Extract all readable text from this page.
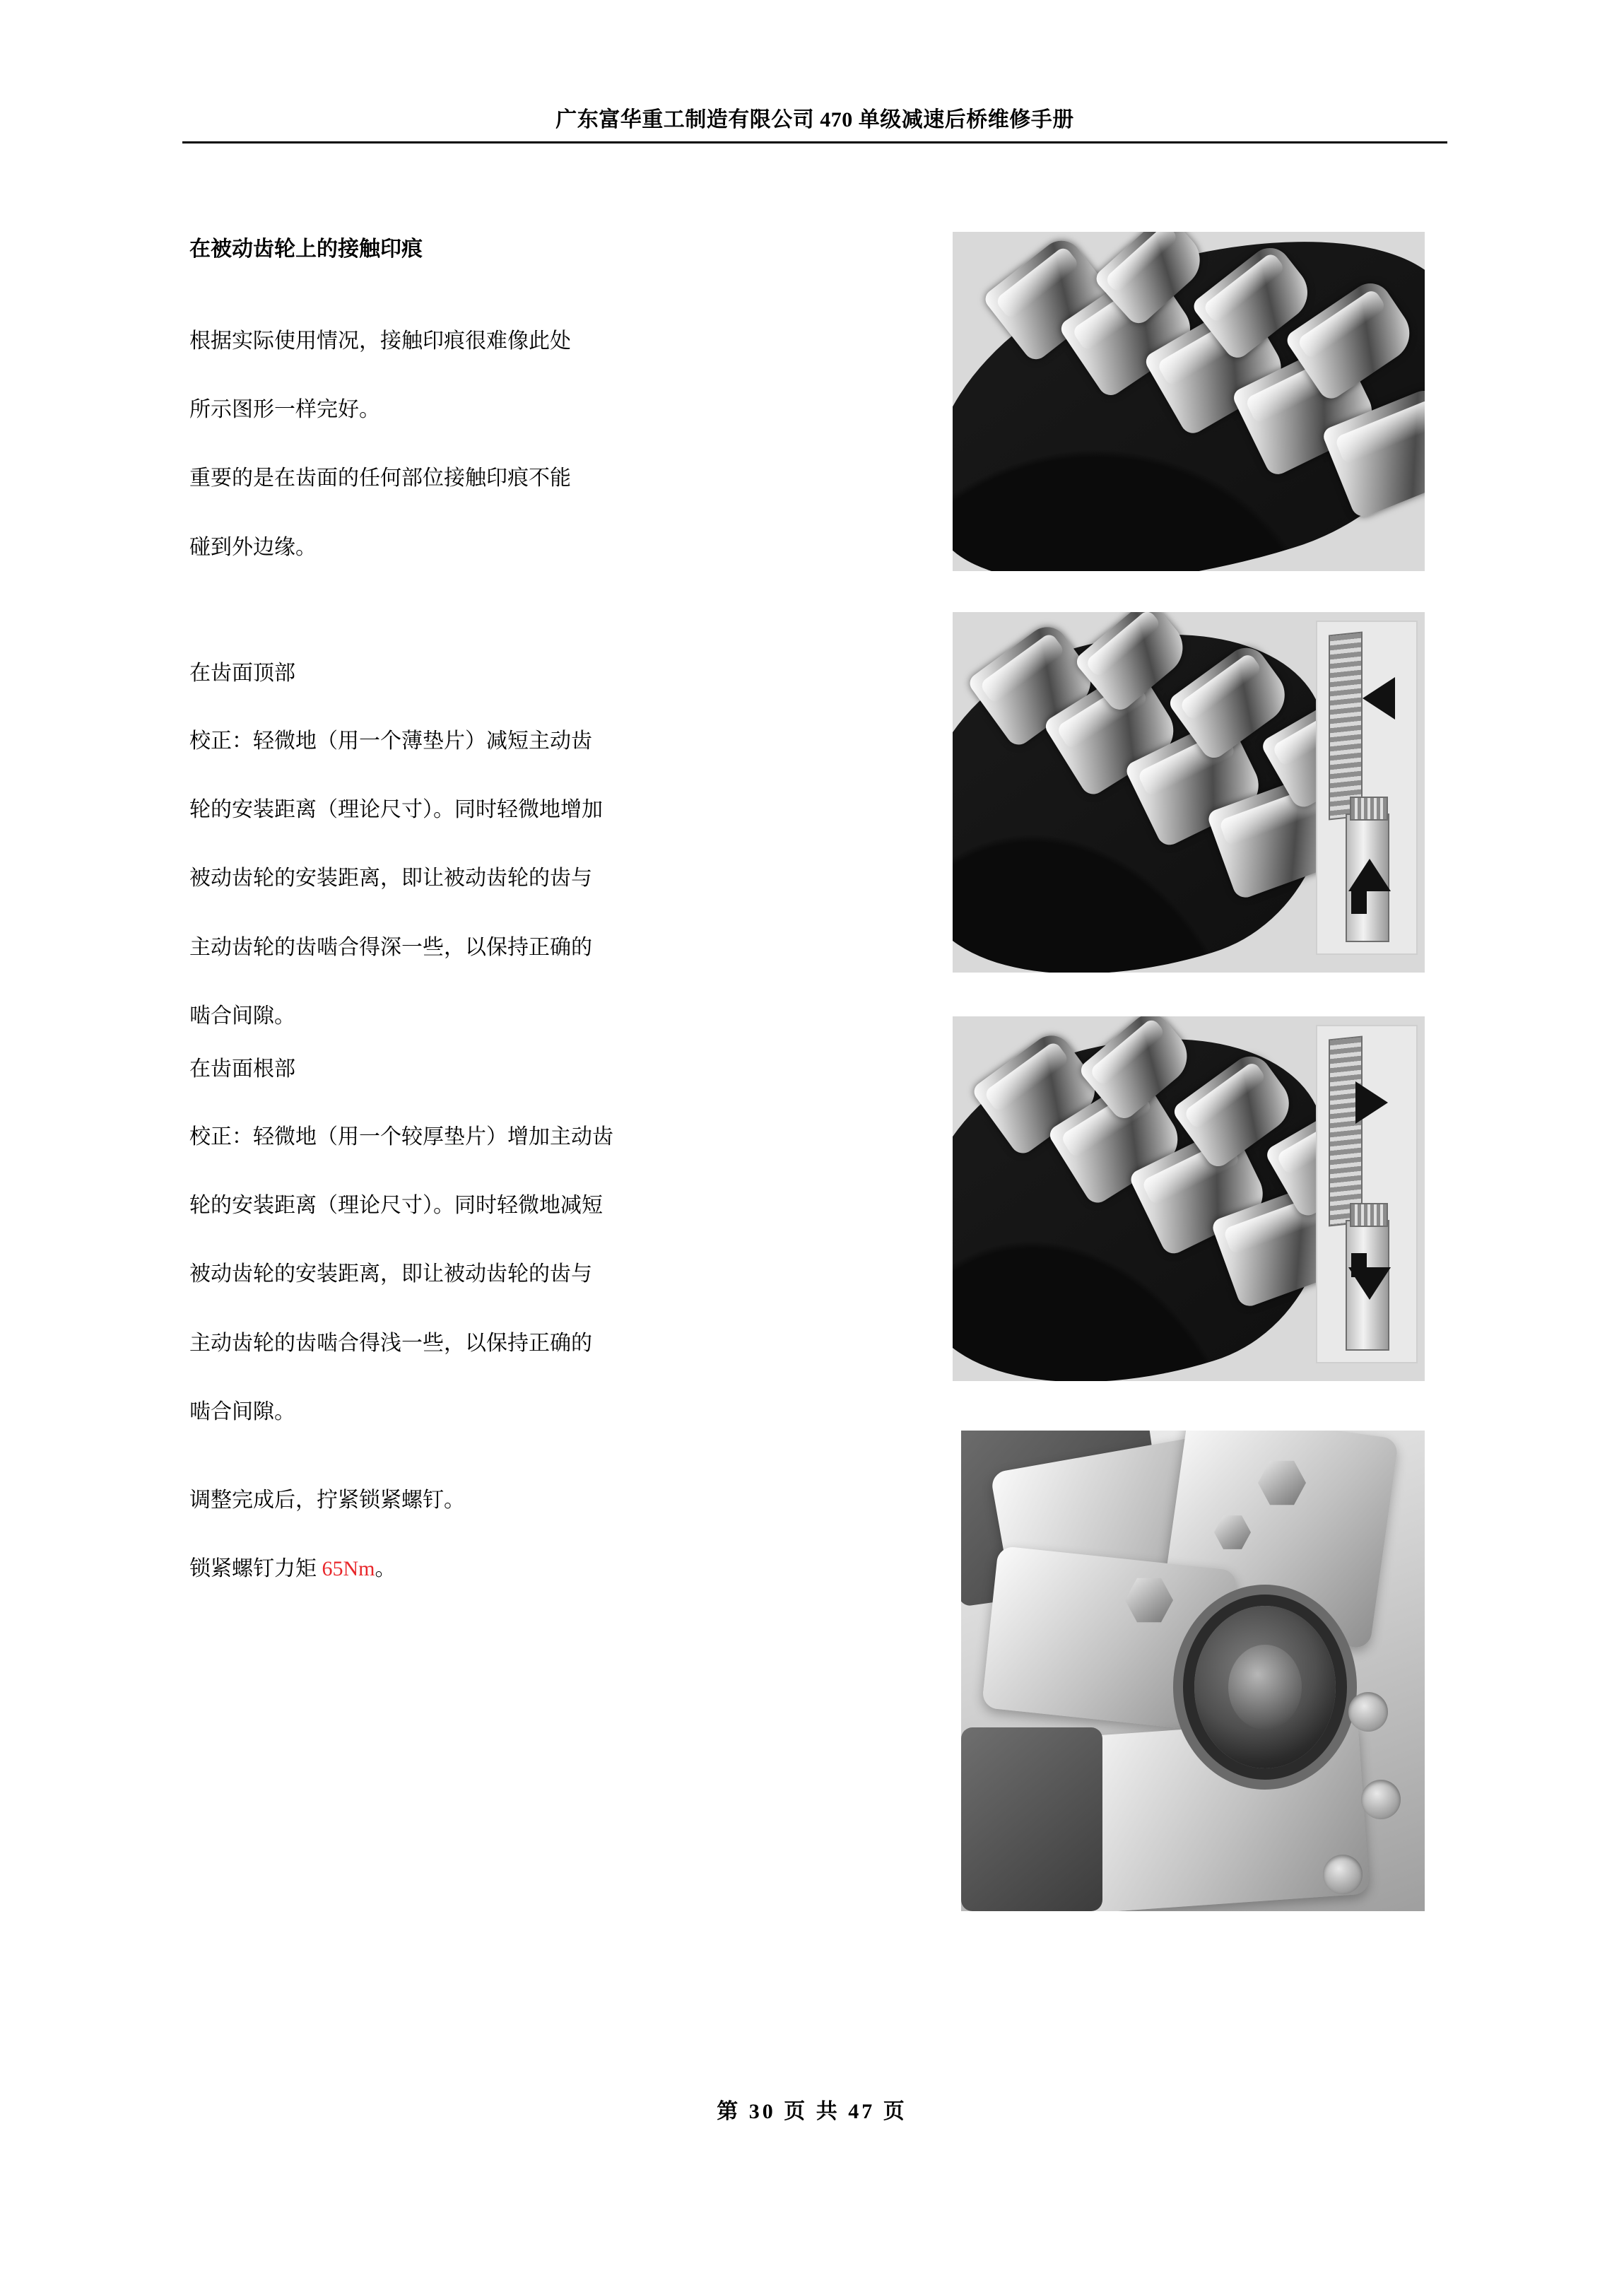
广东富华重工制造有限公司 470 单级减速后桥维修手册
在被动齿轮上的接触印痕

根据实际使用情况，接触印痕很难像此处

所示图形一样完好。

重要的是在齿面的任何部位接触印痕不能

碰到外边缘。

在齿面顶部

校正：轻微地（用一个薄垫片）减短主动齿

轮的安装距离（理论尺寸）。同时轻微地增加

被动齿轮的安装距离，即让被动齿轮的齿与

主动齿轮的齿啮合得深一些，以保持正确的

啮合间隙。

在齿面根部

校正：轻微地（用一个较厚垫片）增加主动齿

轮的安装距离（理论尺寸）。同时轻微地减短

被动齿轮的安装距离，即让被动齿轮的齿与

主动齿轮的齿啮合得浅一些，以保持正确的

啮合间隙。

调整完成后，拧紧锁紧螺钉。

锁紧螺钉力矩 65Nm。

第 30 页 共 47 页
